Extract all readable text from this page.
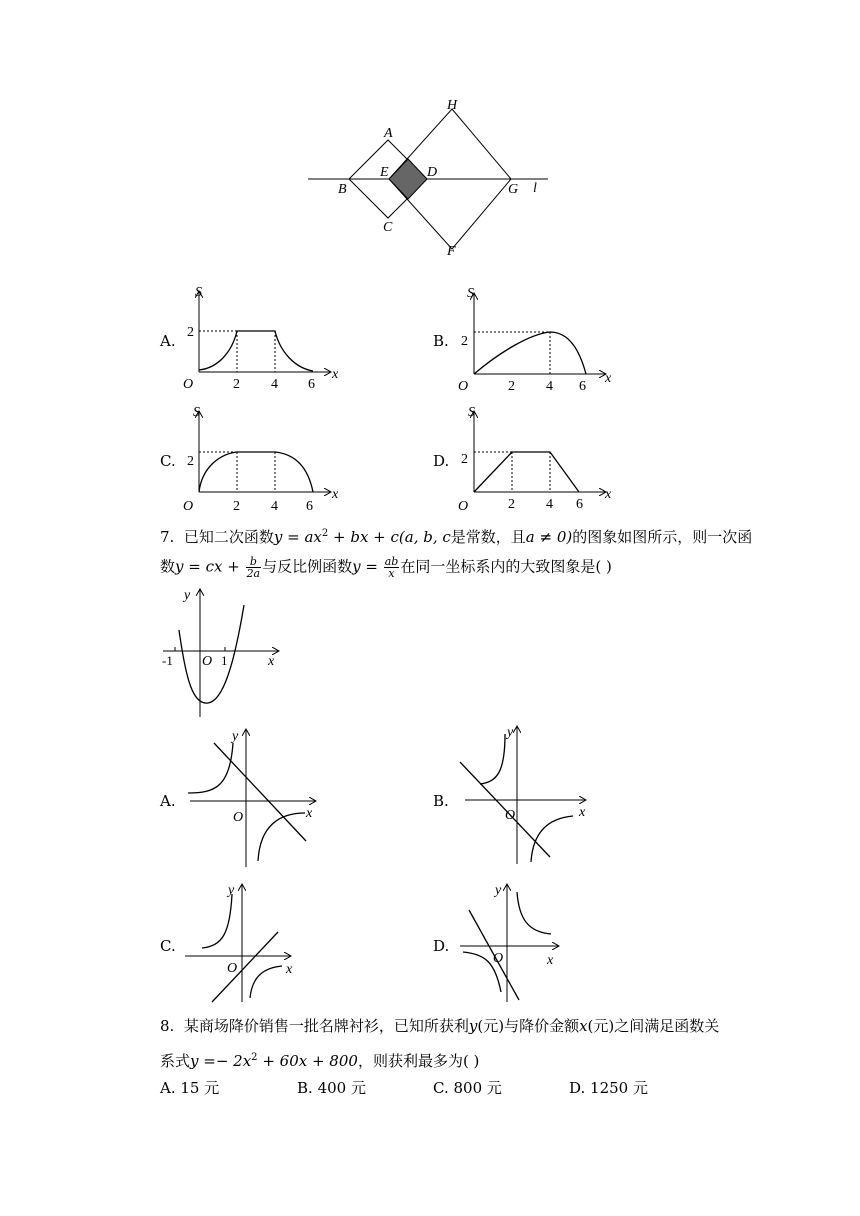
A
B
C
D
E
F
G
H
l
A.
S
x
O
2
2 4 6
B.
S
x
O
2
2 4 6
C.
S
x
O
2
2 4 6
D.
S
x
O
2
2 4 6
7. 已知二次函数$y = ax^2$ + bx + c(a, b, c是常数，且a ≠ 0)的图象如图所示，则一次函
数y = cx + $\frac{b}{2a}$ 与反比例函数$y = \frac{ab}{x}$ 在同一坐标系内的大致图象是( )
y
x
O
-1	1
A.
y
x
O
B.
y
x
O
C.
y
x
O
D.
y
x
O
8. 某商场降价销售一批名牌衬衫，已知所获利y(元)与降价金额x(元)之间满足函数关
系式$y =- 2x^2 + 60x + 800$，则获利最多为( )
A. 15 元	B. 400 元	C. 800 元	D. 1250 元
